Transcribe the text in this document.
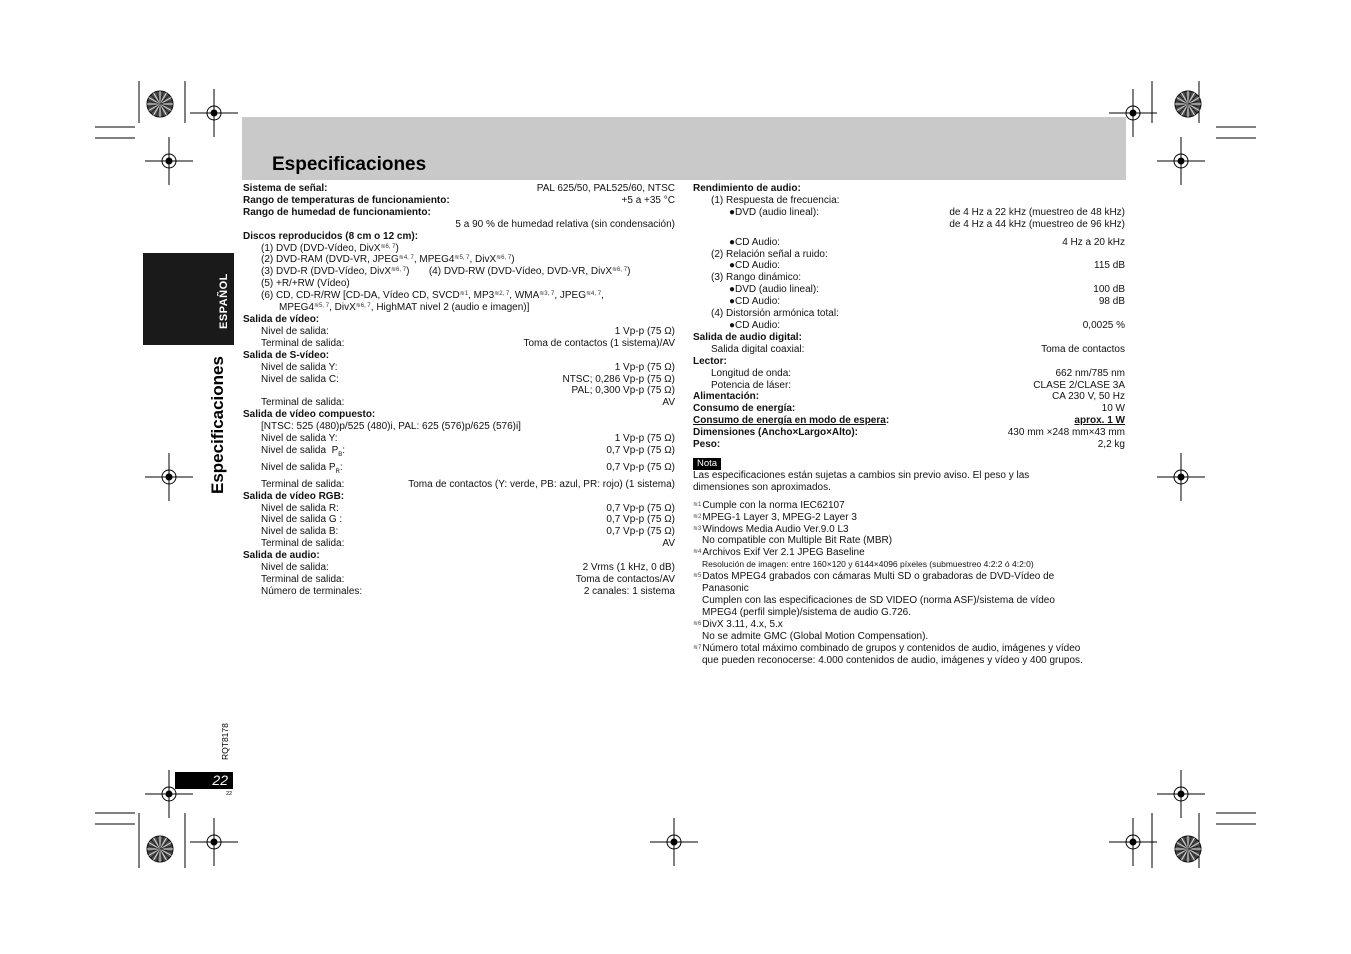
Especificaciones
ESPAÑOL
Especificaciones
RQT8178
22
22
Sistema de señal:	PAL 625/50, PAL525/60, NTSC
Rango de temperaturas de funcionamiento:	+5 a +35 °C
Rango de humedad de funcionamiento:
5 a 90 % de humedad relativa (sin condensación)
Discos reproducidos (8 cm o 12 cm):
(1) DVD (DVD-Vídeo, DivX$^{≋6, 7}$)
(2) DVD-RAM (DVD-VR, $JPEG^{≋4, 7}$, $MPEG4^{≋5, 7}$, DivX$^{≋6, 7}$)
(3) DVD-R (DVD-Vídeo, DivX$^{≋6, 7}$)       (4) DVD-RW (DVD-Vídeo, DVD-VR, DivX$^{≋6, 7}$)
(5) +R/+RW (Vídeo)
(6) CD, CD-R/RW [CD-DA, Vídeo CD, $SVCD^{≋1}$, $MP3^{≋2, 7}$, $WMA^{≋3, 7}$, $JPEG^{≋4, 7}$,
$MPEG4^{≋5, 7}$, DivX$^{≋6, 7}$, HighMAT nivel 2 (audio e imagen)]
Salida de vídeo:
Nivel de salida:	1 Vp-p (75 Ω)
Terminal de salida:	Toma de contactos (1 sistema)/AV
Salida de S-vídeo:
Nivel de salida Y:	1 Vp-p (75 Ω)
Nivel de salida C:	NTSC; 0,286 Vp-p (75 Ω)
PAL; 0,300 Vp-p (75 Ω)
Terminal de salida:	AV
Salida de vídeo compuesto:
[NTSC: 525 (480)p/525 (480)i, PAL: 625 (576)p/625 (576)i]
Nivel de salida Y:	1 Vp-p (75 Ω)
Nivel de salida  $P_B$:	0,7 Vp-p (75 Ω)
Nivel de salida $P_R$:	0,7 Vp-p (75 Ω)
Terminal de salida:	Toma de contactos (Y: verde, PB: azul, PR: rojo) (1 sistema)
Salida de vídeo RGB:
Nivel de salida R:	0,7 Vp-p (75 Ω)
Nivel de salida G :	0,7 Vp-p (75 Ω)
Nivel de salida B:	0,7 Vp-p (75 Ω)
Terminal de salida:	AV
Salida de audio:
Nivel de salida:	2 Vrms (1 kHz, 0 dB)
Terminal de salida:	Toma de contactos/AV
Número de terminales:	2 canales: 1 sistema
Rendimiento de audio:
(1) Respuesta de frecuencia:
●DVD (audio lineal):	de 4 Hz a 22 kHz (muestreo de 48 kHz)
de 4 Hz a 44 kHz (muestreo de 96 kHz)
●CD Audio:	4 Hz a 20 kHz
(2) Relación señal a ruido:
●CD Audio:	115 dB
(3) Rango dinámico:
●DVD (audio lineal):	100 dB
●CD Audio:	98 dB
(4) Distorsión armónica total:
●CD Audio:	0,0025 %
Salida de audio digital:
Salida digital coaxial:	Toma de contactos
Lector:
Longitud de onda:	662 nm/785 nm
Potencia de láser:	CLASE 2/CLASE 3A
Alimentación:	CA 230 V, 50 Hz
Consumo de energía:	10 W
Consumo de energía en modo de espera:	aprox. 1 W
Dimensiones (Ancho×Largo×Alto):	430 mm ×248 mm×43 mm
Peso:	2,2 kg
Nota
Las especificaciones están sujetas a cambios sin previo aviso. El peso y las
dimensiones son aproximados.
≋1 Cumple con la norma IEC62107
≋2 MPEG-1 Layer 3, MPEG-2 Layer 3
≋3 Windows Media Audio Ver.9.0 L3
No compatible con Multiple Bit Rate (MBR)
≋4 Archivos Exif Ver 2.1 JPEG Baseline
Resolución de imagen: entre 160×120 y 6144×4096 píxeles (submuestreo 4:2:2 ó 4:2:0)
≋5 Datos MPEG4 grabados con cámaras Multi SD o grabadoras de DVD-Vídeo de
Panasonic
Cumplen con las especificaciones de SD VIDEO (norma ASF)/sistema de vídeo
MPEG4 (perfil simple)/sistema de audio G.726.
≋6 DivX 3.11, 4.x, 5.x
No se admite GMC (Global Motion Compensation).
≋7 Número total máximo combinado de grupos y contenidos de audio, imágenes y vídeo
que pueden reconocerse: 4.000 contenidos de audio, imágenes y vídeo y 400 grupos.
